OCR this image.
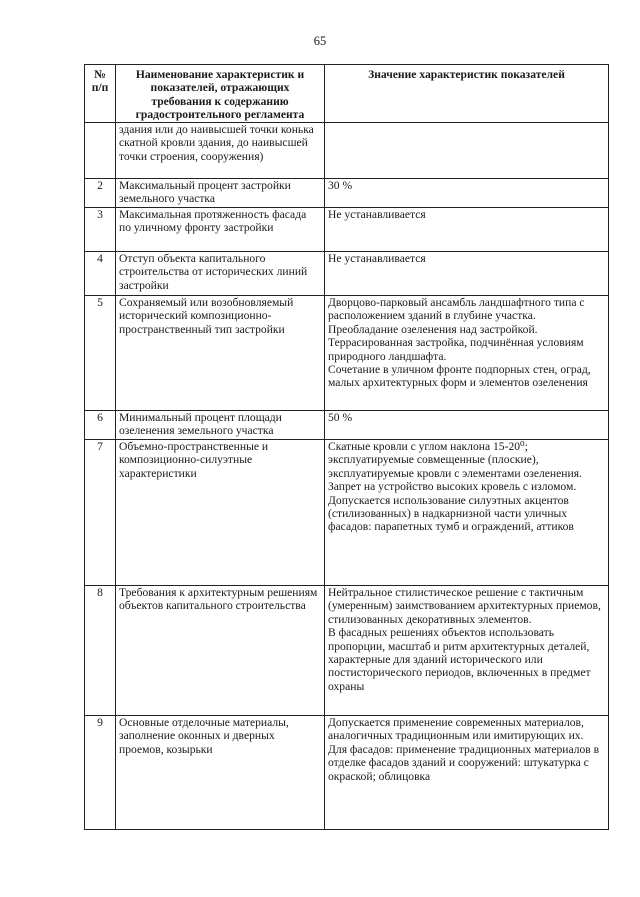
65
№ п/п	Наименование характеристик и показателей, отражающих требования к содержанию градостроительного регламента	Значение характеристик показателей
	здания или до наивысшей точки конька скатной кровли здания, до наивысшей точки строения, сооружения)	
2	Максимальный процент застройки земельного участка	30 %

3	Максимальная протяженность фасада по уличному фронту застройки	Не устанавливается

4	Отступ объекта капитального строительства от исторических линий застройки	Не устанавливается

5	Сохраняемый или возобновляемый исторический композиционно-пространственный тип застройки	Дворцово-парковый ансамбль ландшафтного типа с расположением зданий в глубине участка.

Преобладание озеленения над застройкой.

Террасированная застройка, подчинённая условиям природного ландшафта.

Сочетание в уличном фронте подпорных стен, оград, малых архитектурных форм и элементов озеленения

6	Минимальный процент площади озеленения земельного участка	50 %

7	Объемно-пространственные и композиционно-силуэтные характеристики	Скатные кровли с углом наклона 15-20⁰; эксплуатируемые совмещенные (плоские), эксплуатируемые кровли с элементами озеленения.

Запрет на устройство высоких кровель с изломом.

Допускается использование силуэтных акцентов (стилизованных) в надкарнизной части уличных фасадов: парапетных тумб и ограждений, аттиков

8	Требования к архитектурным решениям объектов капитального строительства	Нейтральное стилистическое решение с тактичным (умеренным) заимствованием архитектурных приемов, стилизованных декоративных элементов.

В фасадных решениях объектов использовать пропорции, масштаб и ритм архитектурных деталей, характерные для зданий исторического или постисторического периодов, включенных в предмет охраны

9	Основные отделочные материалы, заполнение оконных и дверных проемов, козырьки	Допускается применение современных материалов, аналогичных традиционным или имитирующих их.

Для фасадов: применение традиционных материалов в отделке фасадов зданий и сооружений: штукатурка с окраской; облицовка
